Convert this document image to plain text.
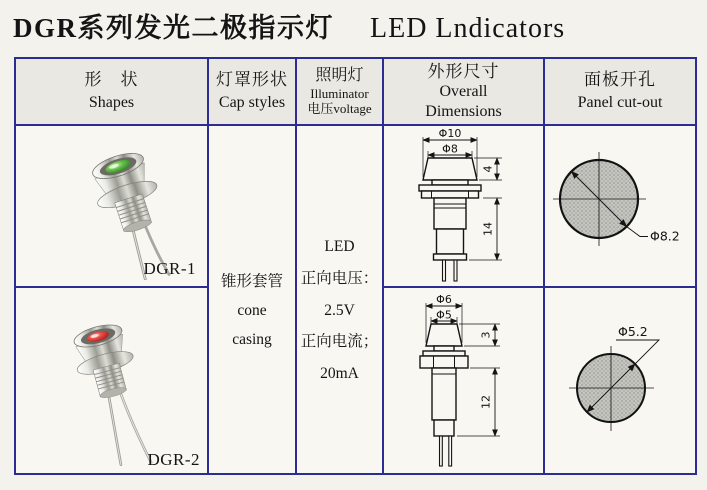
DGR系列发光二极指示灯 LED Lndicators
形　状
Shapes
灯罩形状
Cap styles
照明灯
Illuminator
电压voltage
外形尺寸
Overall
Dimensions
面板开孔
Panel cut-out
DGR-1
锥形套管
cone
casing
LED
正向电压：
2.5V
正向电流；
20mA
Φ10
Φ8
4
14	Φ8.2
DGR-2
Φ6
Φ5
3
12
Φ5.2
